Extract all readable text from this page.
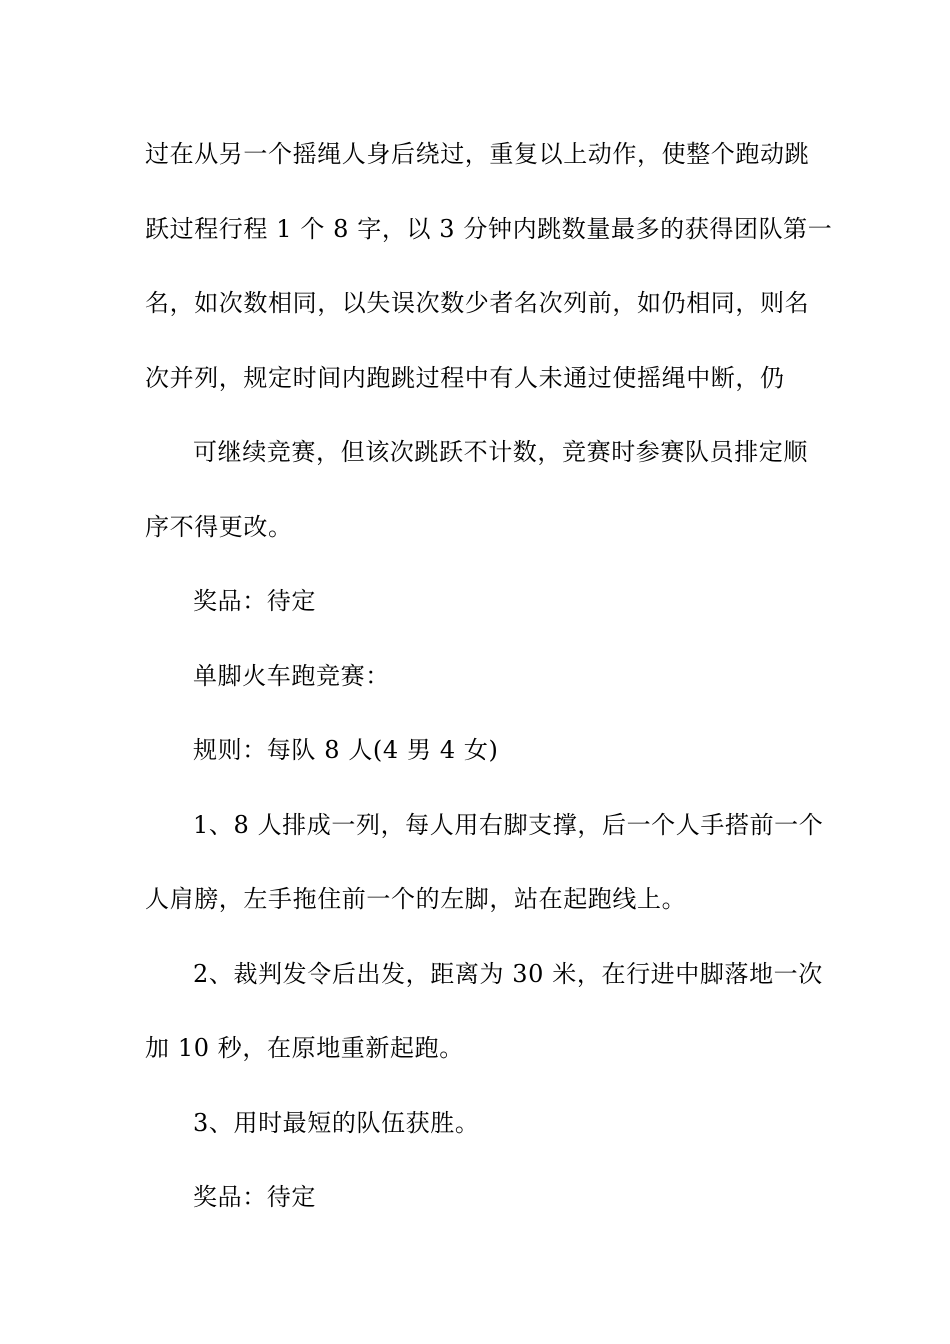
过在从另一个摇绳人身后绕过，重复以上动作，使整个跑动跳
跃过程行程 1 个 8 字，以 3 分钟内跳数量最多的获得团队第一
名，如次数相同，以失误次数少者名次列前，如仍相同，则名
次并列，规定时间内跑跳过程中有人未通过使摇绳中断，仍
可继续竞赛，但该次跳跃不计数，竞赛时参赛队员排定顺
序不得更改。
奖品：待定
单脚火车跑竞赛：
规则：每队 8 人(4 男 4 女)
1、8 人排成一列，每人用右脚支撑，后一个人手搭前一个
人肩膀，左手拖住前一个的左脚，站在起跑线上。
2、裁判发令后出发，距离为 30 米，在行进中脚落地一次
加 10 秒，在原地重新起跑。
3、用时最短的队伍获胜。
奖品：待定
